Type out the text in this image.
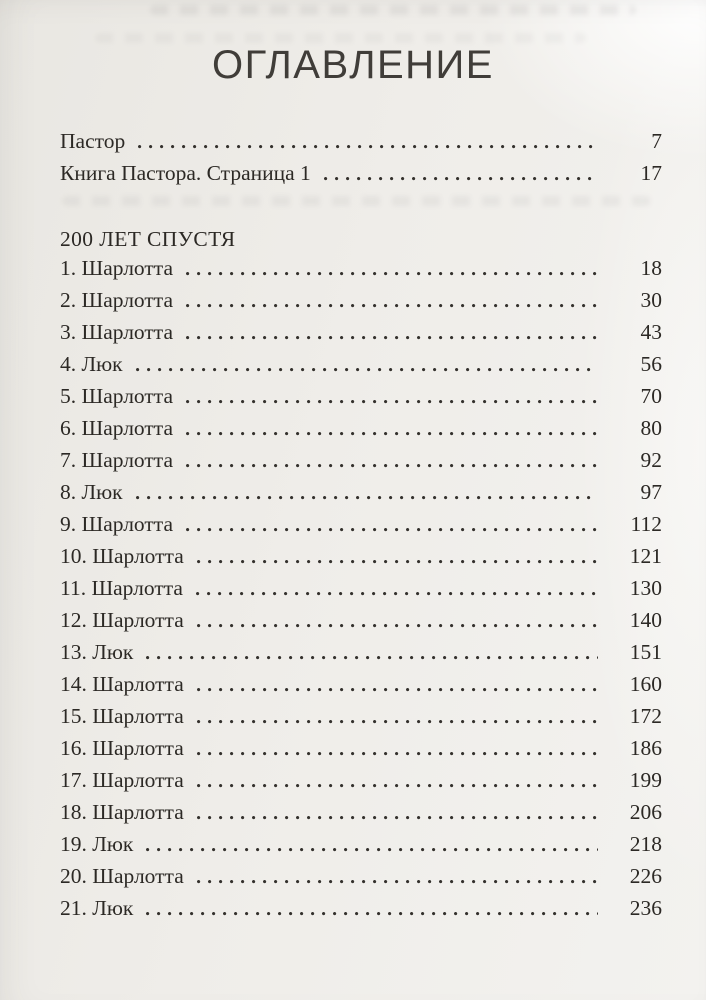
ОГЛАВЛЕНИЕ
Пастор	7
Книга Пастора. Страница 1	17
200 ЛЕТ СПУСТЯ
1. Шарлотта	18
2. Шарлотта	30
3. Шарлотта	43
4. Люк	56
5. Шарлотта	70
6. Шарлотта	80
7. Шарлотта	92
8. Люк	97
9. Шарлотта	112
10. Шарлотта	121
11. Шарлотта	130
12. Шарлотта	140
13. Люк	151
14. Шарлотта	160
15. Шарлотта	172
16. Шарлотта	186
17. Шарлотта	199
18. Шарлотта	206
19. Люк	218
20. Шарлотта	226
21. Люк	236
